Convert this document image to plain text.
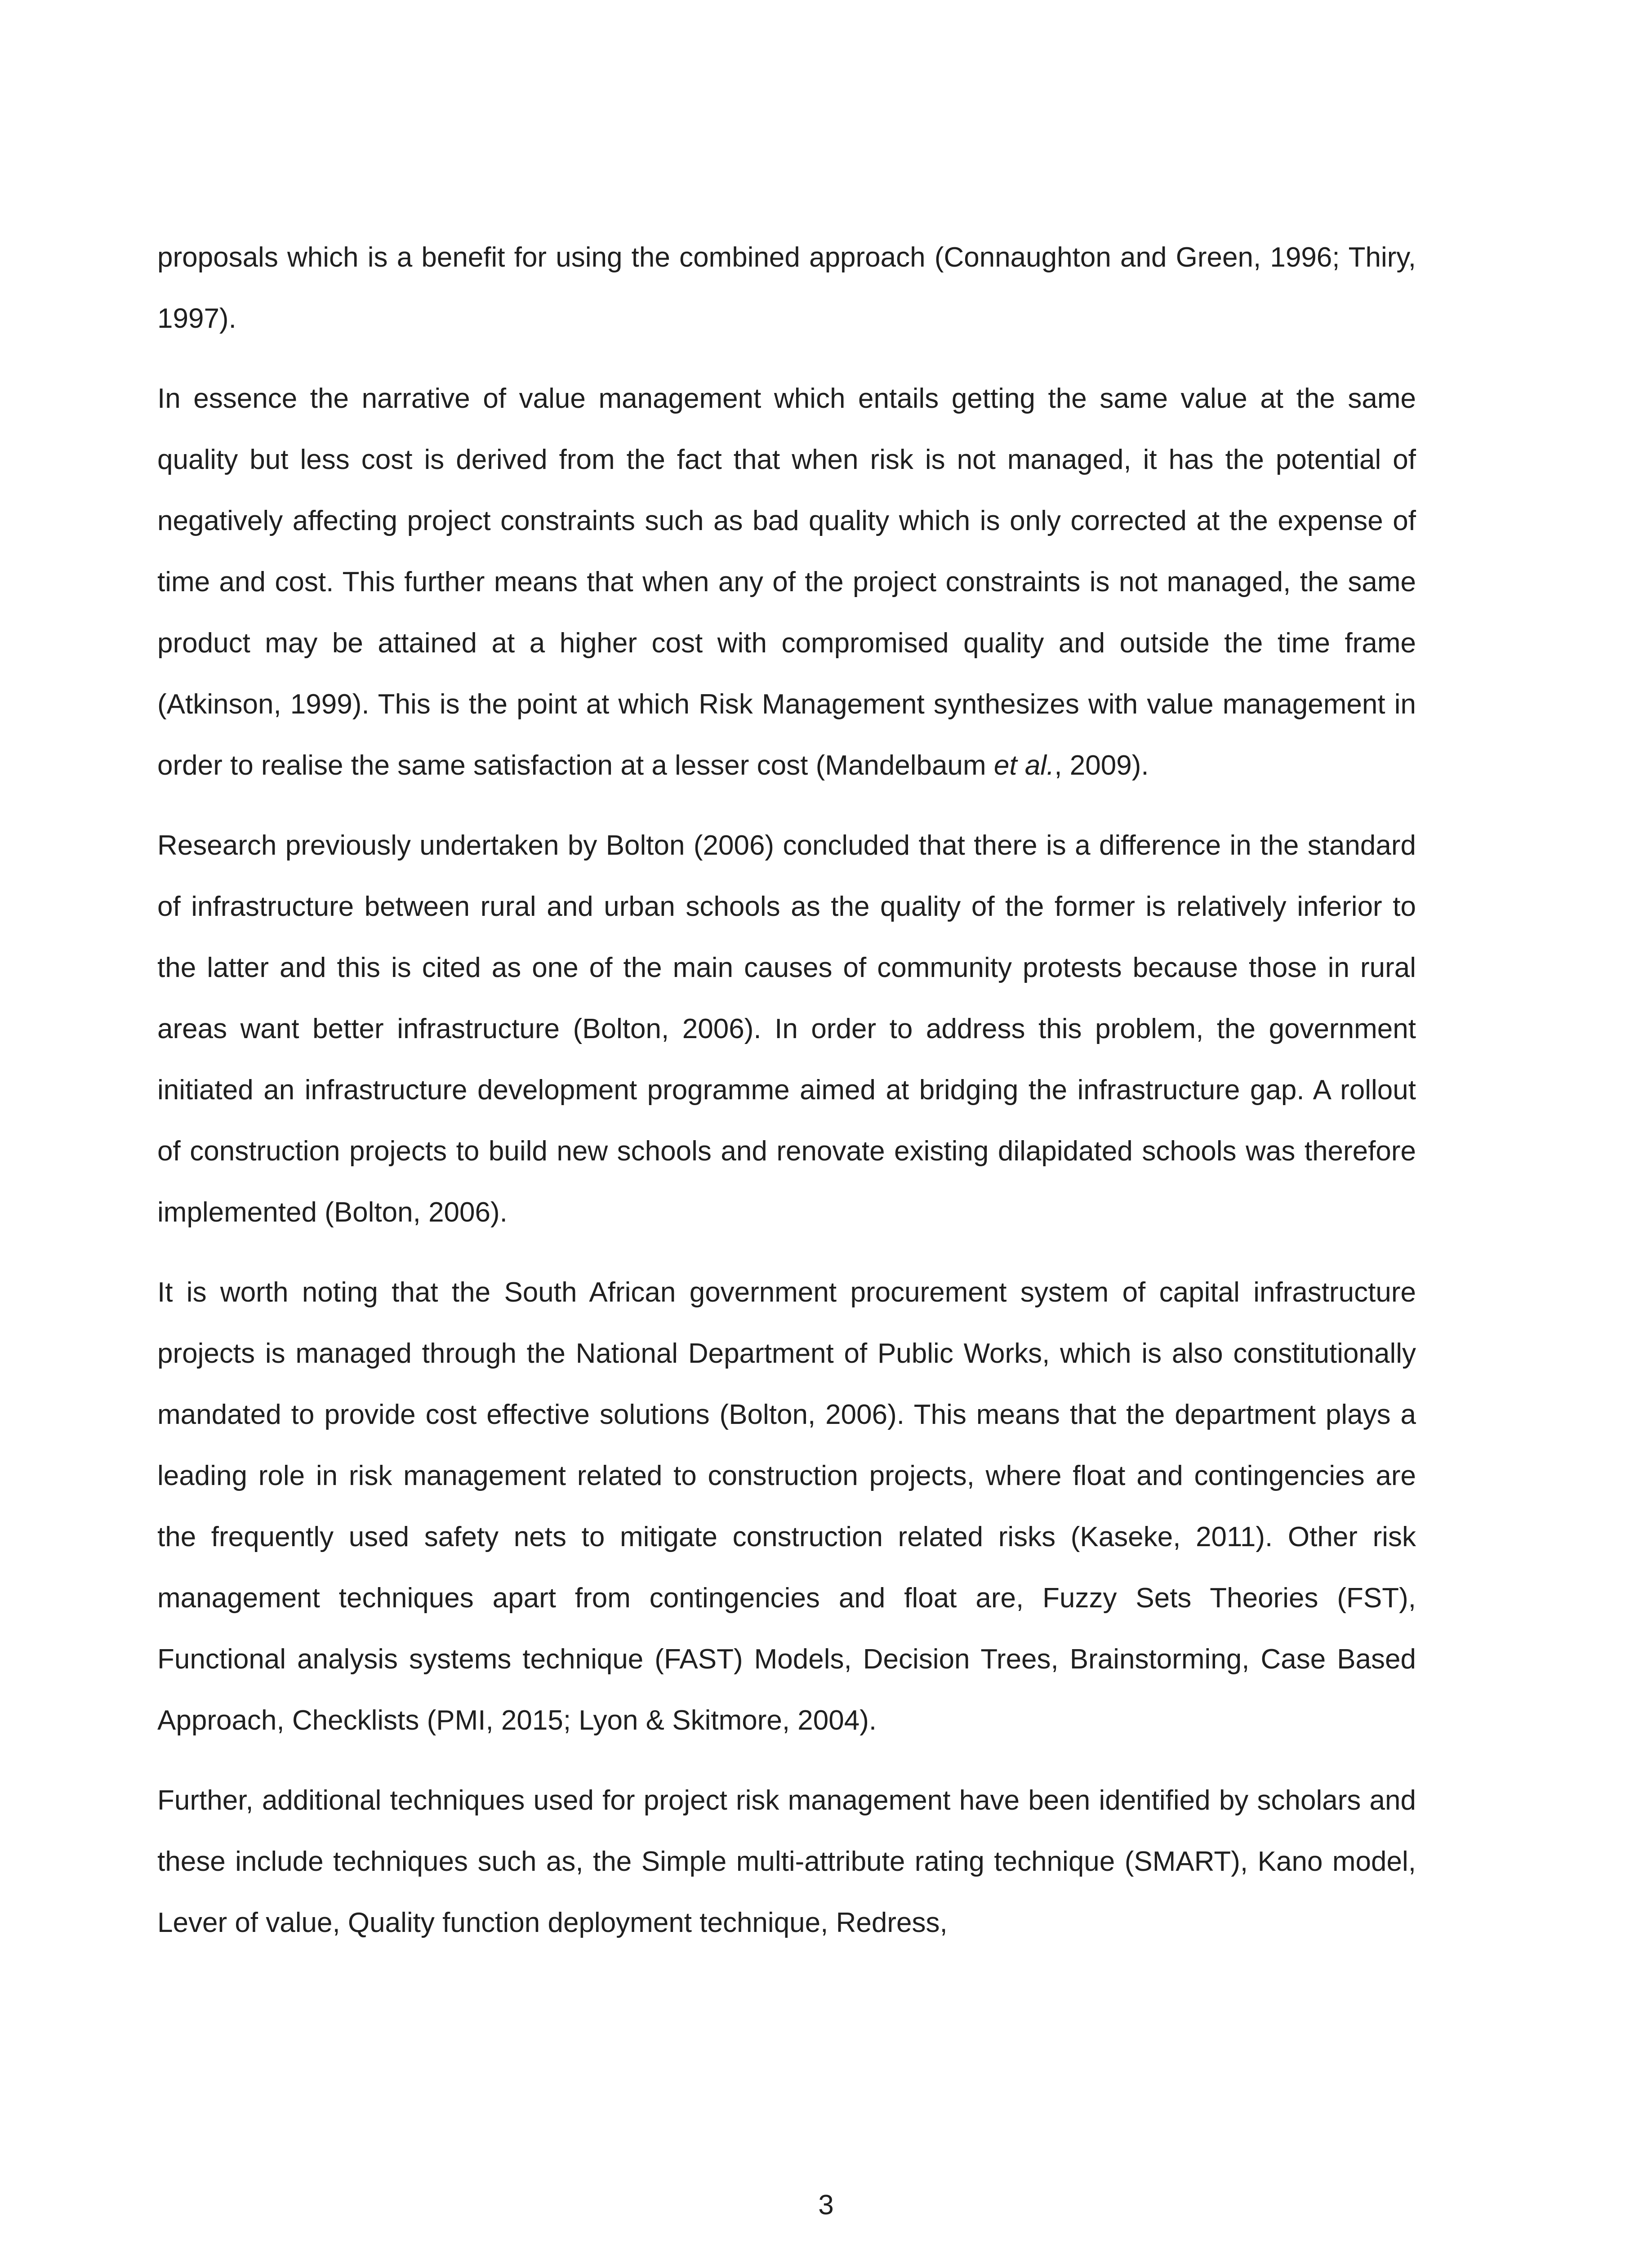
proposals which is a benefit for using the combined approach (Connaughton and Green, 1996; Thiry, 1997).

In essence the narrative of value management which entails getting the same value at the same quality but less cost is derived from the fact that when risk is not managed, it has the potential of negatively affecting project constraints such as bad quality which is only corrected at the expense of time and cost. This further means that when any of the project constraints is not managed, the same product may be attained at a higher cost with compromised quality and outside the time frame (Atkinson, 1999). This is the point at which Risk Management synthesizes with value management in order to realise the same satisfaction at a lesser cost (Mandelbaum et al., 2009).

Research previously undertaken by Bolton (2006) concluded that there is a difference in the standard of infrastructure between rural and urban schools as the quality of the former is relatively inferior to the latter and this is cited as one of the main causes of community protests because those in rural areas want better infrastructure (Bolton, 2006). In order to address this problem, the government initiated an infrastructure development programme aimed at bridging the infrastructure gap. A rollout of construction projects to build new schools and renovate existing dilapidated schools was therefore implemented (Bolton, 2006).

It is worth noting that the South African government procurement system of capital infrastructure projects is managed through the National Department of Public Works, which is also constitutionally mandated to provide cost effective solutions (Bolton, 2006). This means that the department plays a leading role in risk management related to construction projects, where float and contingencies are the frequently used safety nets to mitigate construction related risks (Kaseke, 2011). Other risk management techniques apart from contingencies and float are, Fuzzy Sets Theories (FST), Functional analysis systems technique (FAST) Models, Decision Trees, Brainstorming, Case Based Approach, Checklists (PMI, 2015; Lyon & Skitmore, 2004).

Further, additional techniques used for project risk management have been identified by scholars and these include techniques such as, the Simple multi-attribute rating technique (SMART), Kano model, Lever of value, Quality function deployment technique, Redress,

3
